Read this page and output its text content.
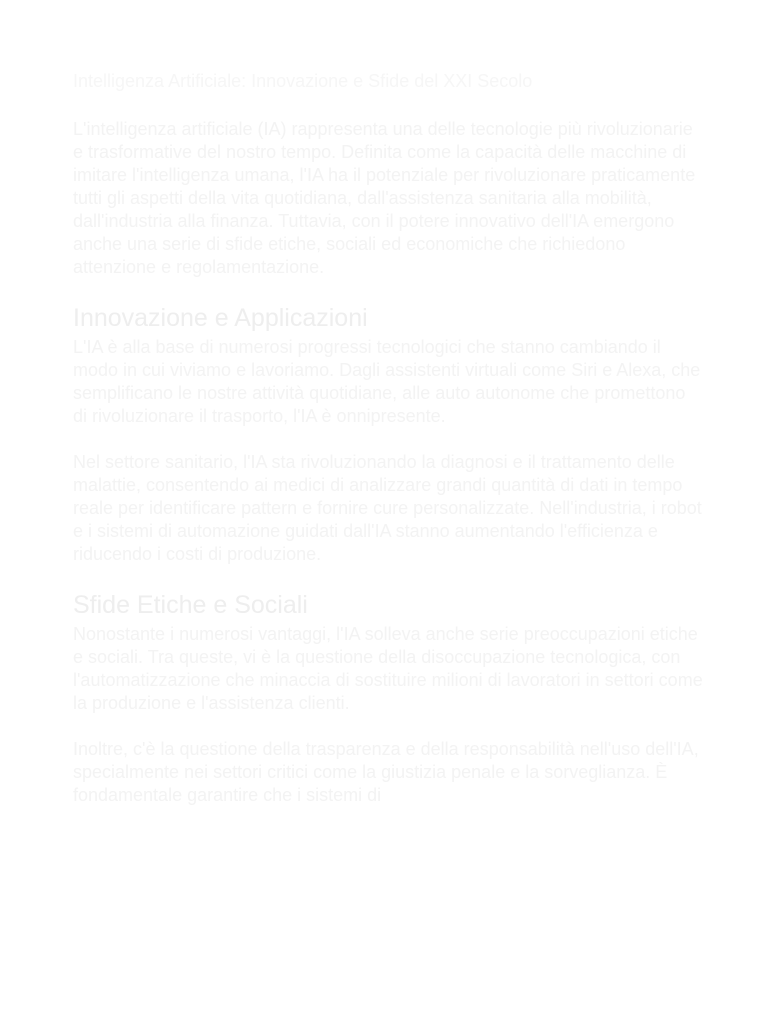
Intelligenza Artificiale: Innovazione e Sfide del XXI Secolo

L'intelligenza artificiale (IA) rappresenta una delle tecnologie più rivoluzionarie e trasformative del nostro tempo. Definita come la capacità delle macchine di imitare l'intelligenza umana, l'IA ha il potenziale per rivoluzionare praticamente tutti gli aspetti della vita quotidiana, dall'assistenza sanitaria alla mobilità, dall'industria alla finanza. Tuttavia, con il potere innovativo dell'IA emergono anche una serie di sfide etiche, sociali ed economiche che richiedono attenzione e regolamentazione.

Innovazione e Applicazioni

L'IA è alla base di numerosi progressi tecnologici che stanno cambiando il modo in cui viviamo e lavoriamo. Dagli assistenti virtuali come Siri e Alexa, che semplificano le nostre attività quotidiane, alle auto autonome che promettono di rivoluzionare il trasporto, l'IA è onnipresente.

Nel settore sanitario, l'IA sta rivoluzionando la diagnosi e il trattamento delle malattie, consentendo ai medici di analizzare grandi quantità di dati in tempo reale per identificare pattern e fornire cure personalizzate. Nell'industria, i robot e i sistemi di automazione guidati dall'IA stanno aumentando l'efficienza e riducendo i costi di produzione.

Sfide Etiche e Sociali

Nonostante i numerosi vantaggi, l'IA solleva anche serie preoccupazioni etiche e sociali. Tra queste, vi è la questione della disoccupazione tecnologica, con l'automatizzazione che minaccia di sostituire milioni di lavoratori in settori come la produzione e l'assistenza clienti.

Inoltre, c'è la questione della trasparenza e della responsabilità nell'uso dell'IA, specialmente nei settori critici come la giustizia penale e la sorveglianza. È fondamentale garantire che i sistemi di
